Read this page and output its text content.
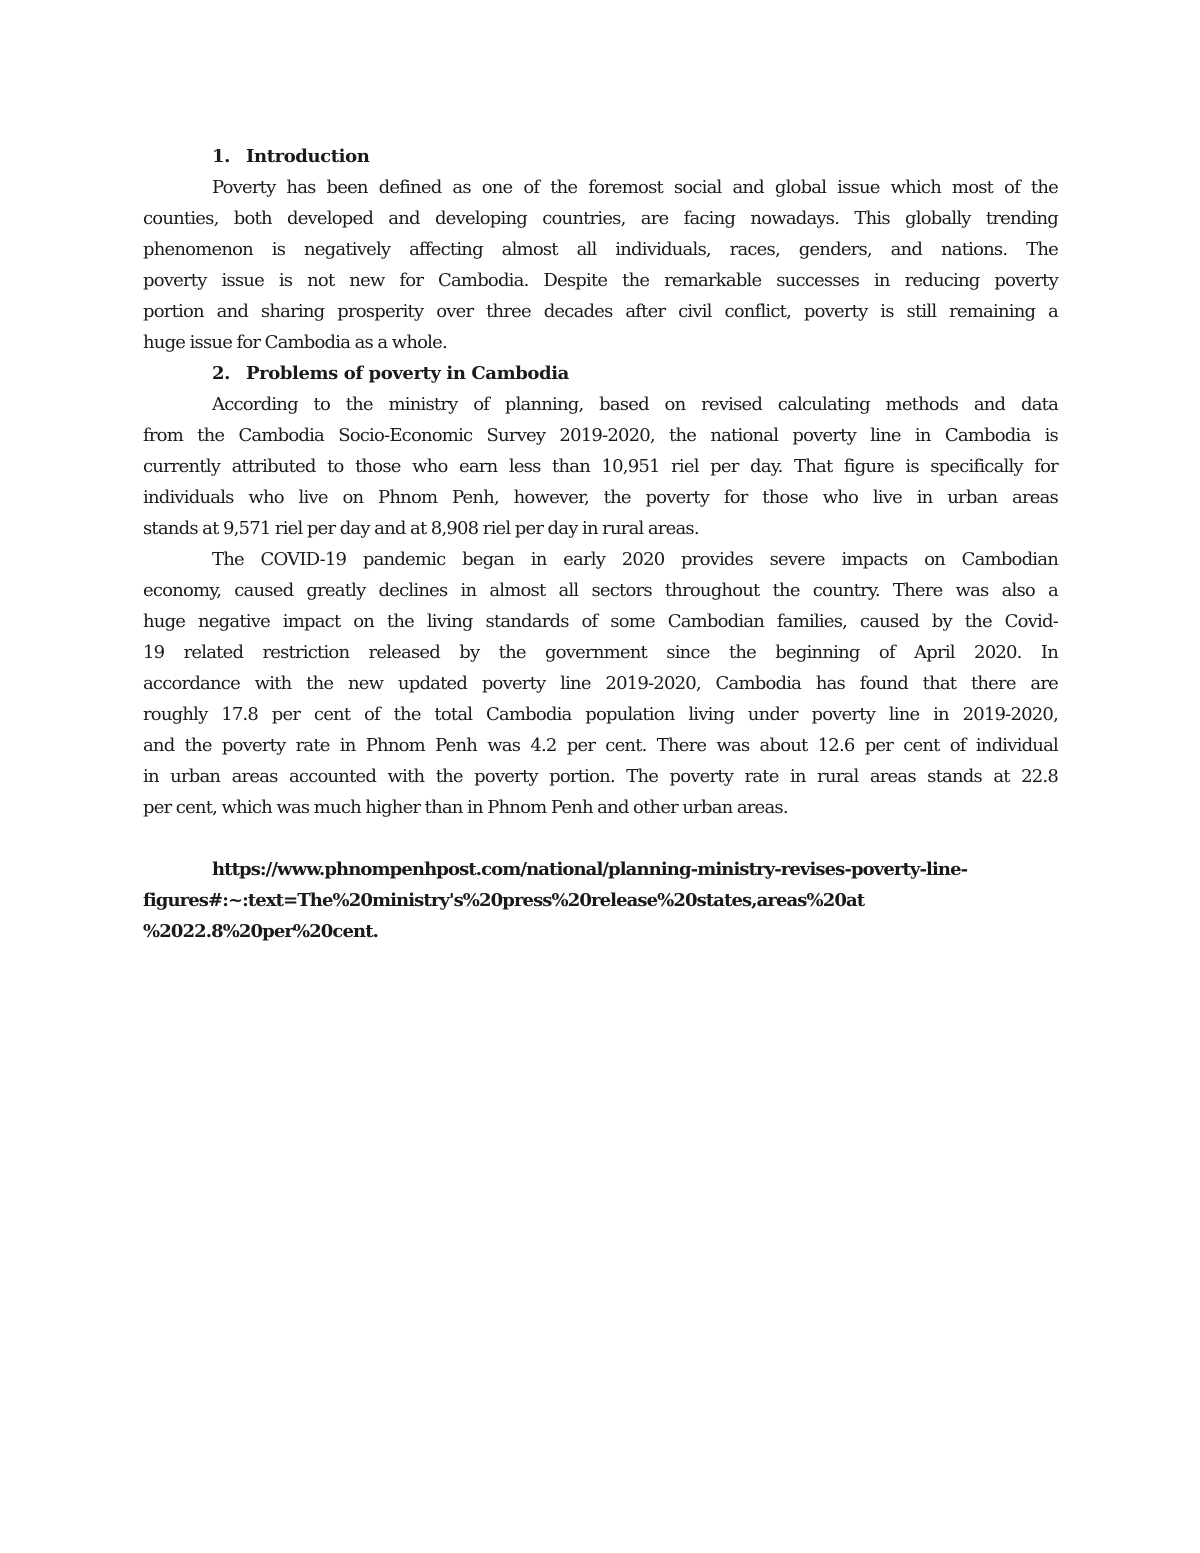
1. Introduction
Poverty has been defined as one of the foremost social and global issue which most of the
counties, both developed and developing countries, are facing nowadays. This globally trending
phenomenon is negatively affecting almost all individuals, races, genders, and nations. The
poverty issue is not new for Cambodia. Despite the remarkable successes in reducing poverty
portion and sharing prosperity over three decades after civil conflict, poverty is still remaining a
huge issue for Cambodia as a whole.
2. Problems of poverty in Cambodia
According to the ministry of planning, based on revised calculating methods and data
from the Cambodia Socio-Economic Survey 2019-2020, the national poverty line in Cambodia is
currently attributed to those who earn less than 10,951 riel per day. That figure is specifically for
individuals who live on Phnom Penh, however, the poverty for those who live in urban areas
stands at 9,571 riel per day and at 8,908 riel per day in rural areas.
The COVID-19 pandemic began in early 2020 provides severe impacts on Cambodian
economy, caused greatly declines in almost all sectors throughout the country. There was also a
huge negative impact on the living standards of some Cambodian families, caused by the Covid-
19 related restriction released by the government since the beginning of April 2020. In
accordance with the new updated poverty line 2019-2020, Cambodia has found that there are
roughly 17.8 per cent of the total Cambodia population living under poverty line in 2019-2020,
and the poverty rate in Phnom Penh was 4.2 per cent. There was about 12.6 per cent of individual
in urban areas accounted with the poverty portion. The poverty rate in rural areas stands at 22.8
per cent, which was much higher than in Phnom Penh and other urban areas.
https://www.phnompenhpost.com/national/planning-ministry-revises-poverty-line-
figures#:~:text=The%20ministry's%20press%20release%20states,areas%20at
%2022.8%20per%20cent.
